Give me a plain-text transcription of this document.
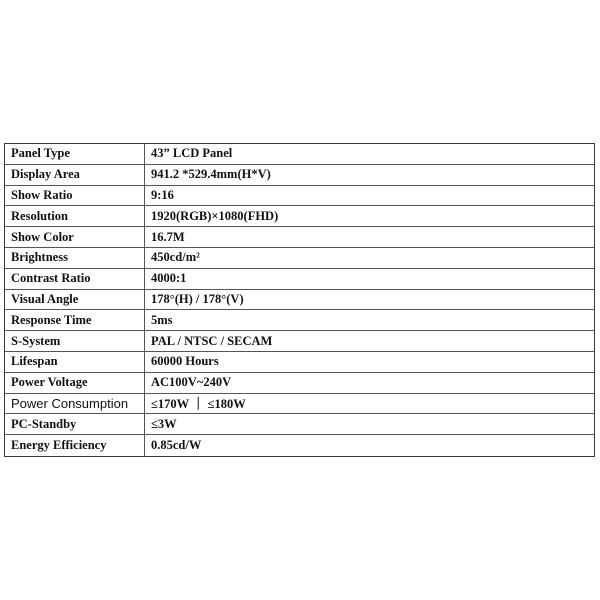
Panel Type	43” LCD Panel
Display Area	941.2 *529.4mm(H*V)
Show Ratio	9:16
Resolution	1920(RGB)×1080(FHD)
Show Color	16.7M
Brightness	450cd/m²
Contrast Ratio	4000:1
Visual Angle	178°(H) / 178°(V)
Response Time	5ms
S-System	PAL / NTSC / SECAM
Lifespan	60000 Hours
Power Voltage	AC100V~240V
Power Consumption	≤170W ｜ ≤180W
PC-Standby	≤3W
Energy Efficiency	0.85cd/W
